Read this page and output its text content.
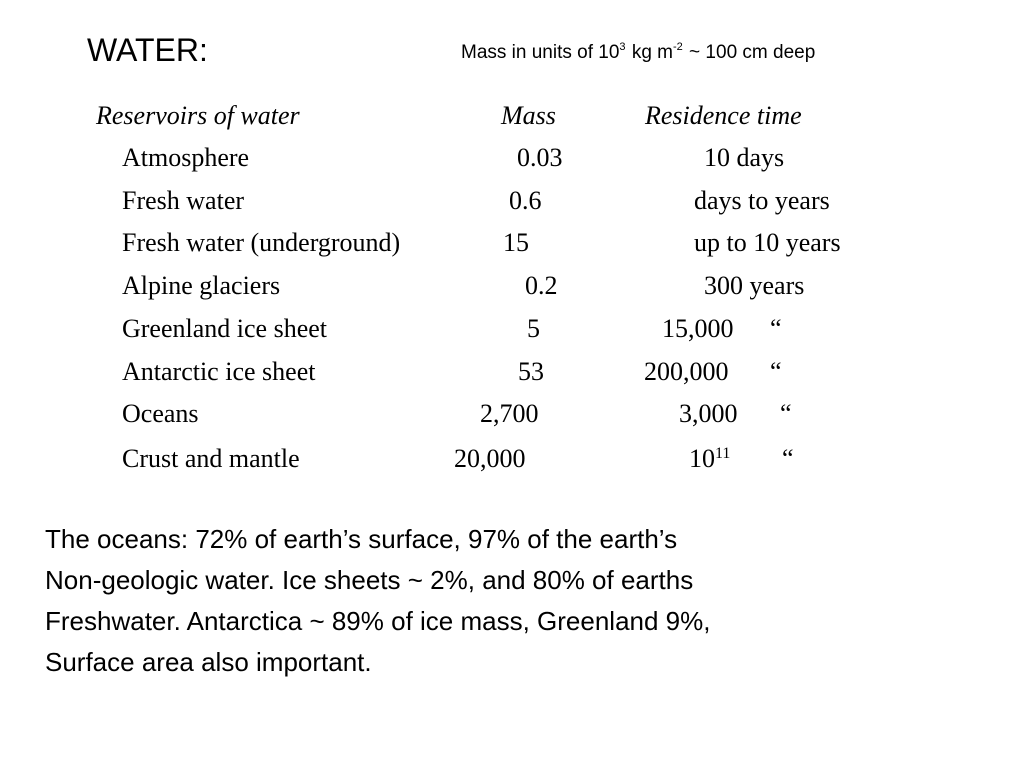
WATER:	Mass in units of $10^3$ kg $m^{-2}$ ~ 100 cm deep
Reservoirs of water	Mass	Residence time
Atmosphere	0.03	10 days
Fresh water	0.6	days to years
Fresh water (underground)	15	up to 10 years
Alpine glaciers	0.2	300 years
Greenland ice sheet	5	15,000 “
Antarctic ice sheet	53	200,000 “
Oceans	2,700	3,000 “
Crust and mantle	20,000	$10^{11}$ “
The oceans: 72% of earth’s surface, 97% of the earth’s
Non-geologic water. Ice sheets ~ 2%, and 80% of earths
Freshwater. Antarctica ~ 89% of ice mass, Greenland 9%,
Surface area also important.
